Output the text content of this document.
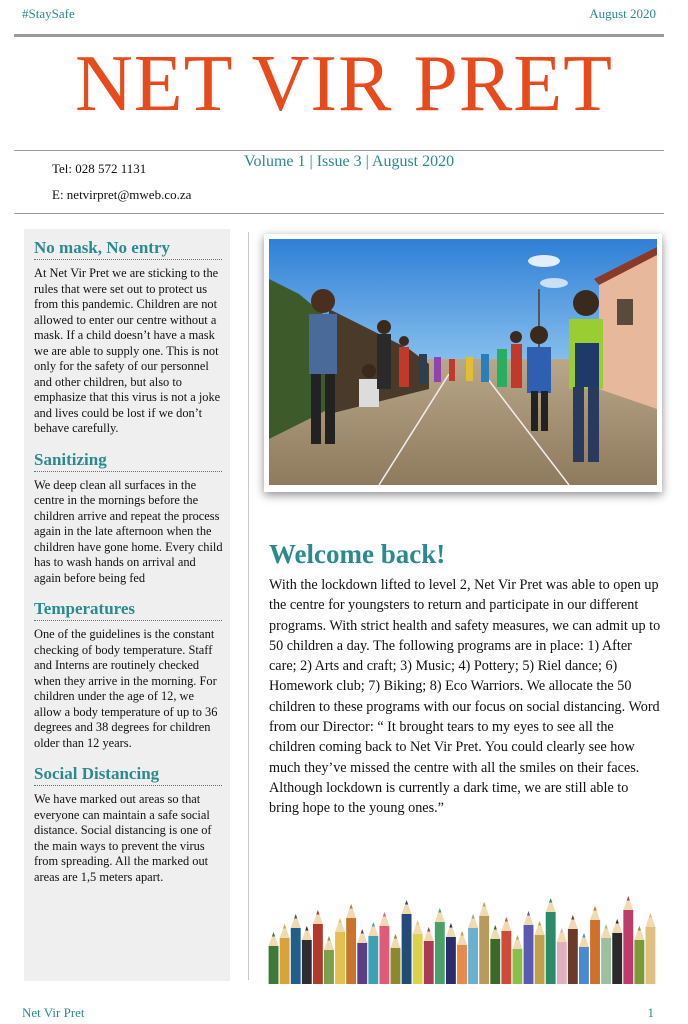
#StaySafe	August 2020
NET VIR PRET
Tel: 028 572 1131
E: netvirpret@mweb.co.za
Volume 1 | Issue 3 | August 2020
No mask, No entry
At Net Vir Pret we are sticking to the rules that were set out to protect us from this pandemic. Children are not allowed to enter our centre without a mask. If a child doesn’t have a mask we are able to supply one. This is not only for the safety of our personnel and other children, but also to emphasize that this virus is not a joke and lives could be lost if we don’t behave carefully.
Sanitizing
We deep clean all surfaces in the centre in the mornings before the children arrive and repeat the process again in the late afternoon when the children have gone home. Every child has to wash hands on arrival and again before being fed
Temperatures
One of the guidelines is the constant checking of body temperature. Staff and Interns are routinely checked when they arrive in the morning. For children under the age of 12, we allow a body temperature of up to 36 degrees and 38 degrees for children older than 12 years.
Social Distancing
We have marked out areas so that everyone can maintain a safe social distance. Social distancing is one of the main ways to prevent the virus from spreading. All the marked out areas are 1,5 meters apart.
Welcome back!
With the lockdown lifted to level 2, Net Vir Pret was able to open up the centre for youngsters to return and participate in our different programs. With strict health and safety measures, we can admit up to 50 children a day. The following programs are in place: 1) After care; 2) Arts and craft; 3) Music; 4) Pottery; 5) Riel dance; 6) Homework club; 7) Biking; 8) Eco Warriors. We allocate the 50 children to these programs with our focus on social distancing. Word from our Director: “ It brought tears to my eyes to see all the children coming back to Net Vir Pret. You could clearly see how much they’ve missed the centre with all the smiles on their faces. Although lockdown is currently a dark time, we are still able to bring hope to the young ones.”
Net Vir Pret	1
